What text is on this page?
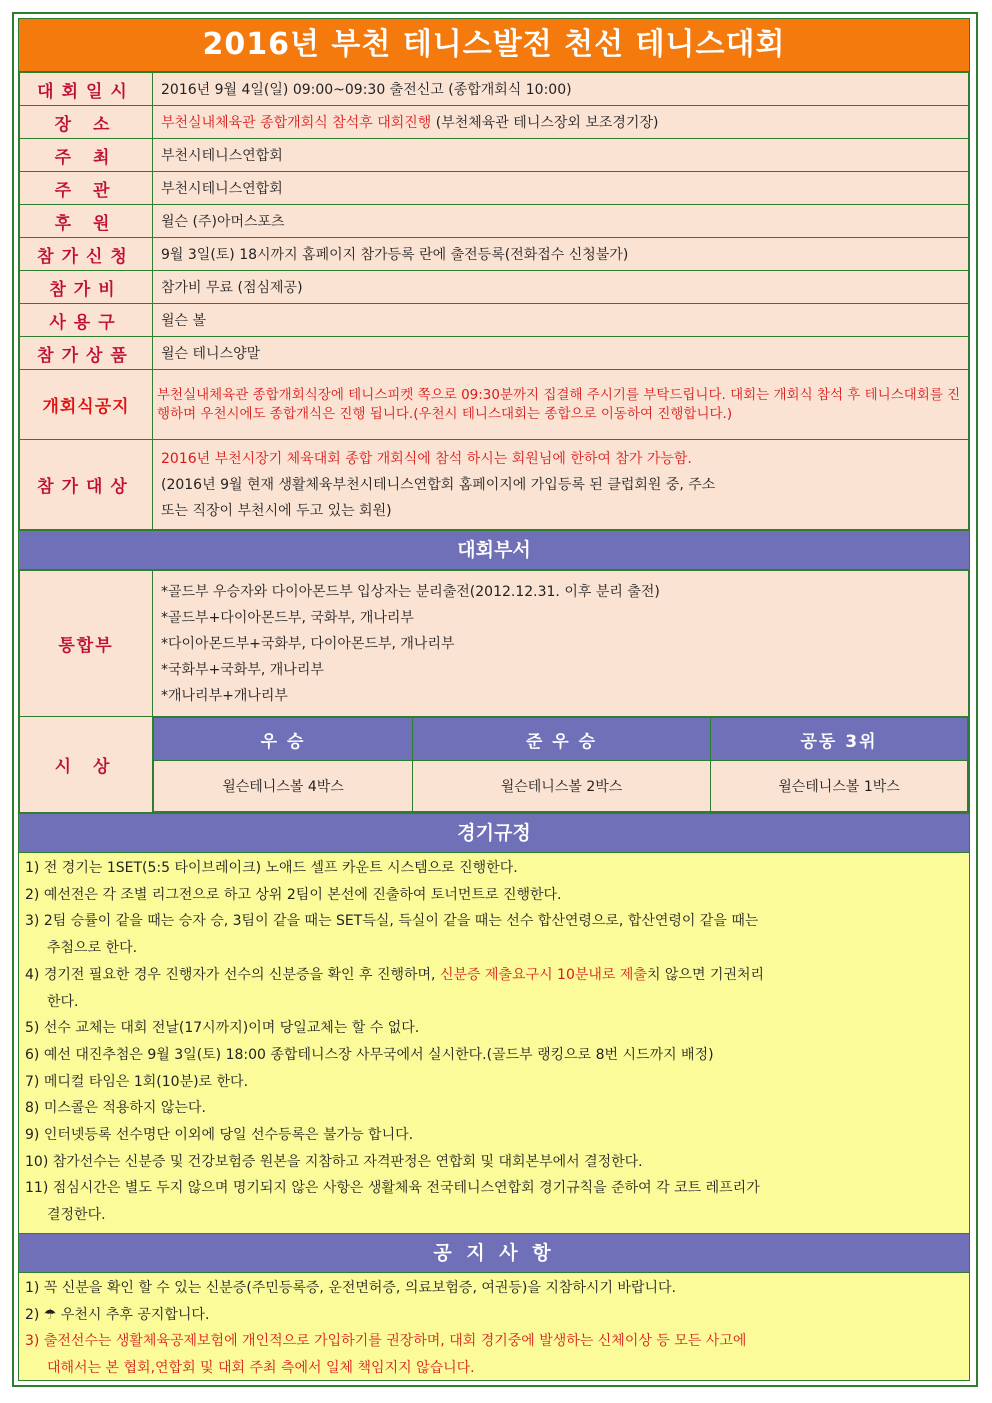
2016년 부천 테니스발전 천선 테니스대회
대회일시	2016년 9월 4일(일) 09:00~09:30 출전신고 (종합개회식 10:00)
장 소	부천실내체육관 종합개회식 참석후 대회진행 (부천체육관 테니스장외 보조경기장)
주 최	부천시테니스연합회
주 관	부천시테니스연합회
후 원	윌슨 (주)아머스포츠
참가신청	9월 3일(토) 18시까지 홈페이지 참가등록 란에 출전등록(전화접수 신청불가)
참가비	참가비 무료 (점심제공)
사용구	윌슨 볼
참가상품	윌슨 테니스양말
개회식공지	부천실내체육관 종합개회식장에 테니스피켓 쪽으로 09:30분까지 집결해 주시기를 부탁드립니다. 대회는 개회식 참석 후 테니스대회를 진행하며 우천시에도 종합개식은 진행 됩니다.(우천시 테니스대회는 종합으로 이동하여 진행합니다.)
참가대상	2016년 부천시장기 체육대회 종합 개회식에 참석 하시는 회원님에 한하여 참가 가능함.
(2016년 9월 현재 생활체육부천시테니스연합회 홈페이지에 가입등록 된 클럽회원 중, 주소
또는 직장이 부천시에 두고 있는 회원)
대회부서
통합부	
*골드부 우승자와 다이아몬드부 입상자는 분리출전(2012.12.31. 이후 분리 출전)
*골드부+다이아몬드부, 국화부, 개나리부
*다이아몬드부+국화부, 다이아몬드부, 개나리부
*국화부+국화부, 개나리부
*개나리부+개나리부

시 상	
우 승	준 우 승	공동 3위
윌슨테니스볼 4박스	윌슨테니스볼 2박스	윌슨테니스볼 1박스
경기규정
1) 전 경기는 1SET(5:5 타이브레이크) 노애드 셀프 카운트 시스템으로 진행한다.
2) 예선전은 각 조별 리그전으로 하고 상위 2팀이 본선에 진출하여 토너먼트로 진행한다.
3) 2팀 승률이 같을 때는 승자 승, 3팀이 같을 때는 SET득실, 득실이 같을 때는 선수 합산연령으로, 합산연령이 같을 때는
추첨으로 한다.
4) 경기전 필요한 경우 진행자가 선수의 신분증을 확인 후 진행하며, 신분증 제출요구시 10분내로 제출치 않으면 기권처리
한다.
5) 선수 교체는 대회 전날(17시까지)이며 당일교체는 할 수 없다.
6) 예선 대진추첨은 9월 3일(토) 18:00 종합테니스장 사무국에서 실시한다.(골드부 랭킹으로 8번 시드까지 배정)
7) 메디컬 타임은 1회(10분)로 한다.
8) 미스콜은 적용하지 않는다.
9) 인터넷등록 선수명단 이외에 당일 선수등록은 불가능 합니다.
10) 참가선수는 신분증 및 건강보험증 원본을 지참하고 자격판정은 연합회 및 대회본부에서 결정한다.
11) 점심시간은 별도 두지 않으며 명기되지 않은 사항은 생활체육 전국테니스연합회 경기규칙을 준하여 각 코트 레프리가
결정한다.
공 지 사 항
1) 꼭 신분을 확인 할 수 있는 신분증(주민등록증, 운전면허증, 의료보험증, 여권등)을 지참하시기 바랍니다.
2) ☂ 우천시 추후 공지합니다.
3) 출전선수는 생활체육공제보험에 개인적으로 가입하기를 권장하며, 대회 경기중에 발생하는 신체이상 등 모든 사고에
대해서는 본 협회,연합회 및 대회 주최 측에서 일체 책임지지 않습니다.
